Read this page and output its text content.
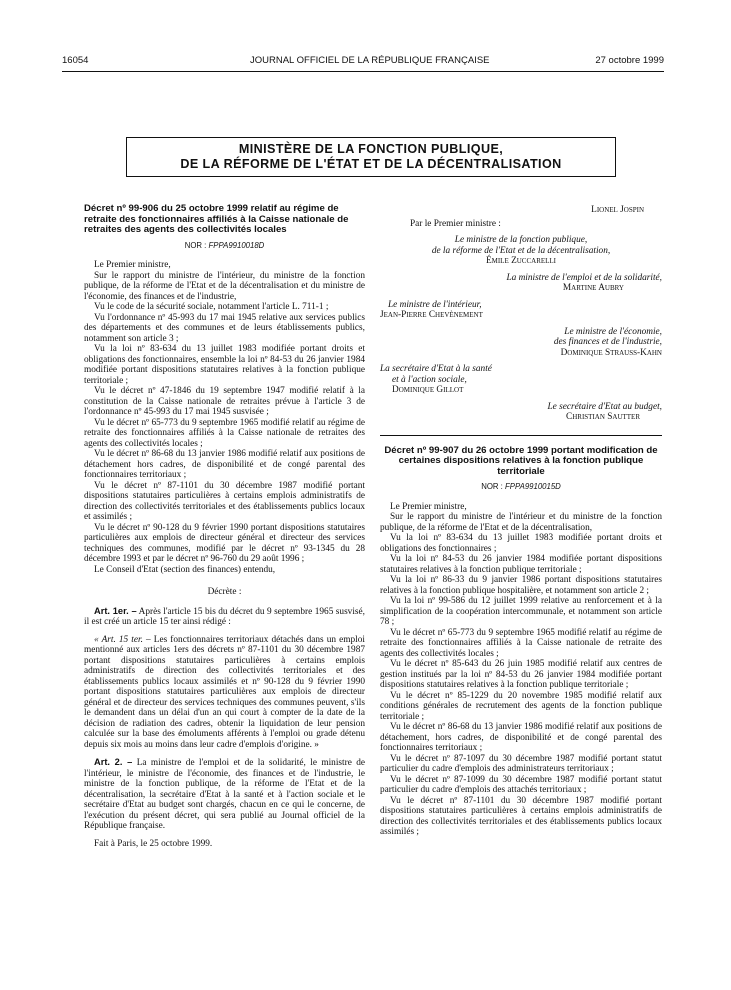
16054	JOURNAL OFFICIEL DE LA RÉPUBLIQUE FRANÇAISE	27 octobre 1999
MINISTÈRE DE LA FONCTION PUBLIQUE,
DE LA RÉFORME DE L'ÉTAT ET DE LA DÉCENTRALISATION
Décret nº 99-906 du 25 octobre 1999 relatif au régime de retraite des fonctionnaires affiliés à la Caisse nationale de retraites des agents des collectivités locales
NOR : FPPA9910018D

Le Premier ministre,

Sur le rapport du ministre de l'intérieur, du ministre de la fonction publique, de la réforme de l'Etat et de la décentralisation et du ministre de l'économie, des finances et de l'industrie,

Vu le code de la sécurité sociale, notamment l'article L. 711-1 ;

Vu l'ordonnance nº 45-993 du 17 mai 1945 relative aux services publics des départements et des communes et de leurs établissements publics, notamment son article 3 ;

Vu la loi nº 83-634 du 13 juillet 1983 modifiée portant droits et obligations des fonctionnaires, ensemble la loi nº 84-53 du 26 janvier 1984 modifiée portant dispositions statutaires relatives à la fonction publique territoriale ;

Vu le décret nº 47-1846 du 19 septembre 1947 modifié relatif à la constitution de la Caisse nationale de retraites prévue à l'article 3 de l'ordonnance nº 45-993 du 17 mai 1945 susvisée ;

Vu le décret nº 65-773 du 9 septembre 1965 modifié relatif au régime de retraite des fonctionnaires affiliés à la Caisse nationale de retraites des agents des collectivités locales ;

Vu le décret nº 86-68 du 13 janvier 1986 modifié relatif aux positions de détachement hors cadres, de disponibilité et de congé parental des fonctionnaires territoriaux ;

Vu le décret nº 87-1101 du 30 décembre 1987 modifié portant dispositions statutaires particulières à certains emplois administratifs de direction des collectivités territoriales et des établissements publics locaux et assimilés ;

Vu le décret nº 90-128 du 9 février 1990 portant dispositions statutaires particulières aux emplois de directeur général et directeur des services techniques des communes, modifié par le décret nº 93-1345 du 28 décembre 1993 et par le décret nº 96-760 du 29 août 1996 ;

Le Conseil d'Etat (section des finances) entendu,

Décrète :

Art. 1er. – Après l'article 15 bis du décret du 9 septembre 1965 susvisé, il est créé un article 15 ter ainsi rédigé :

« Art. 15 ter. – Les fonctionnaires territoriaux détachés dans un emploi mentionné aux articles 1ers des décrets nº 87-1101 du 30 décembre 1987 portant dispositions statutaires particulières à certains emplois administratifs de direction des collectivités territoriales et des établissements publics locaux assimilés et nº 90-128 du 9 février 1990 portant dispositions statutaires particulières aux emplois de directeur général et de directeur des services techniques des communes peuvent, s'ils le demandent dans un délai d'un an qui court à compter de la date de la décision de radiation des cadres, obtenir la liquidation de leur pension calculée sur la base des émoluments afférents à l'emploi ou grade détenu depuis six mois au moins dans leur cadre d'emplois d'origine. »

Art. 2. – La ministre de l'emploi et de la solidarité, le ministre de l'intérieur, le ministre de l'économie, des finances et de l'industrie, le ministre de la fonction publique, de la réforme de l'Etat et de la décentralisation, la secrétaire d'Etat à la santé et à l'action sociale et le secrétaire d'Etat au budget sont chargés, chacun en ce qui le concerne, de l'exécution du présent décret, qui sera publié au Journal officiel de la République française.

Fait à Paris, le 25 octobre 1999.

Lionel Jospin

Par le Premier ministre :

Le ministre de la fonction publique,
de la réforme de l'Etat et de la décentralisation,
Émile Zuccarelli
La ministre de l'emploi et de la solidarité,
Martine Aubry
Le ministre de l'intérieur,
Jean-Pierre Chevènement
Le ministre de l'économie,
des finances et de l'industrie,
Dominique Strauss-Kahn
La secrétaire d'Etat à la santé
et à l'action sociale,
Dominique Gillot
Le secrétaire d'Etat au budget,
Christian Sautter
Décret nº 99-907 du 26 octobre 1999 portant modification de certaines dispositions relatives à la fonction publique territoriale
NOR : FPPA9910015D

Le Premier ministre,

Sur le rapport du ministre de l'intérieur et du ministre de la fonction publique, de la réforme de l'Etat et de la décentralisation,

Vu la loi nº 83-634 du 13 juillet 1983 modifiée portant droits et obligations des fonctionnaires ;

Vu la loi nº 84-53 du 26 janvier 1984 modifiée portant dispositions statutaires relatives à la fonction publique territoriale ;

Vu la loi nº 86-33 du 9 janvier 1986 portant dispositions statutaires relatives à la fonction publique hospitalière, et notamment son article 2 ;

Vu la loi nº 99-586 du 12 juillet 1999 relative au renforcement et à la simplification de la coopération intercommunale, et notamment son article 78 ;

Vu le décret nº 65-773 du 9 septembre 1965 modifié relatif au régime de retraite des fonctionnaires affiliés à la Caisse nationale de retraite des agents des collectivités locales ;

Vu le décret nº 85-643 du 26 juin 1985 modifié relatif aux centres de gestion institués par la loi nº 84-53 du 26 janvier 1984 modifiée portant dispositions statutaires relatives à la fonction publique territoriale ;

Vu le décret nº 85-1229 du 20 novembre 1985 modifié relatif aux conditions générales de recrutement des agents de la fonction publique territoriale ;

Vu le décret nº 86-68 du 13 janvier 1986 modifié relatif aux positions de détachement, hors cadres, de disponibilité et de congé parental des fonctionnaires territoriaux ;

Vu le décret nº 87-1097 du 30 décembre 1987 modifié portant statut particulier du cadre d'emplois des administrateurs territoriaux ;

Vu le décret nº 87-1099 du 30 décembre 1987 modifié portant statut particulier du cadre d'emplois des attachés territoriaux ;

Vu le décret nº 87-1101 du 30 décembre 1987 modifié portant dispositions statutaires particulières à certains emplois administratifs de direction des collectivités territoriales et des établissements publics locaux assimilés ;
